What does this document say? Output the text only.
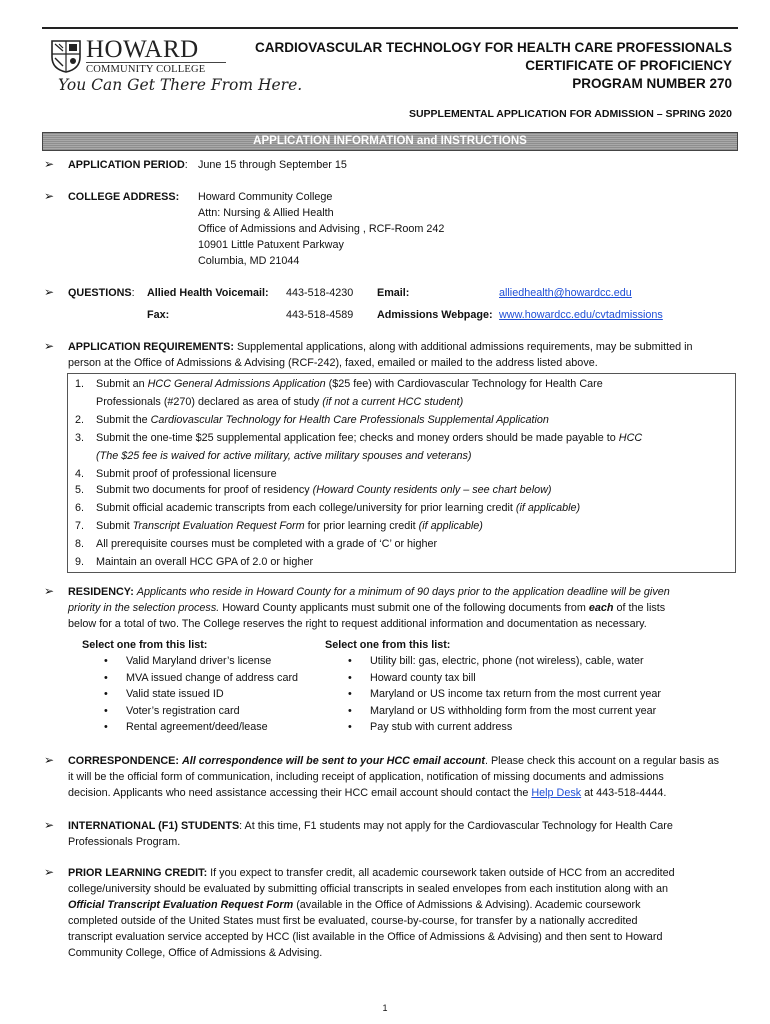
HOWARD
COMMUNITY COLLEGE
You Can Get There From Here.
CARDIOVASCULAR TECHNOLOGY FOR HEALTH CARE PROFESSIONALS
CERTIFICATE OF PROFICIENCY
PROGRAM NUMBER 270
SUPPLEMENTAL APPLICATION FOR ADMISSION – SPRING 2020
APPLICATION INFORMATION and INSTRUCTIONS
➢ APPLICATION PERIOD: June 15 through September 15
➢ COLLEGE ADDRESS: Howard Community College
Attn: Nursing & Allied Health
Office of Admissions and Advising , RCF-Room 242
10901 Little Patuxent Parkway
Columbia, MD 21044
➢ QUESTIONS: Allied Health Voicemail: 443-518-4230 Email:	alliedhealth@howardcc.edu
Fax:	443-518-4589 Admissions Webpage: www.howardcc.edu/cvtadmissions
➢ APPLICATION REQUIREMENTS: Supplemental applications, along with additional admissions requirements, may be submitted in
person at the Office of Admissions & Advising (RCF-242), faxed, emailed or mailed to the address listed above.
1. Submit an HCC General Admissions Application ($25 fee) with Cardiovascular Technology for Health Care
Professionals (#270) declared as area of study (if not a current HCC student)
2. Submit the Cardiovascular Technology for Health Care Professionals Supplemental Application
3. Submit the one-time $25 supplemental application fee; checks and money orders should be made payable to HCC
(The $25 fee is waived for active military, active military spouses and veterans)
4. Submit proof of professional licensure
5. Submit two documents for proof of residency (Howard County residents only – see chart below)
6. Submit official academic transcripts from each college/university for prior learning credit (if applicable)
7. Submit Transcript Evaluation Request Form for prior learning credit (if applicable)
8. All prerequisite courses must be completed with a grade of ‘C’ or higher
9. Maintain an overall HCC GPA of 2.0 or higher
➢ RESIDENCY: Applicants who reside in Howard County for a minimum of 90 days prior to the application deadline will be given
priority in the selection process. Howard County applicants must submit one of the following documents from each of the lists
below for a total of two. The College reserves the right to request additional information and documentation as necessary.
Select one from this list:	Select one from this list:
• Valid Maryland driver’s license
• MVA issued change of address card
• Valid state issued ID
• Voter’s registration card
• Rental agreement/deed/lease
• Utility bill: gas, electric, phone (not wireless), cable, water
• Howard county tax bill
• Maryland or US income tax return from the most current year
• Maryland or US withholding form from the most current year
• Pay stub with current address
➢ CORRESPONDENCE: All correspondence will be sent to your HCC email account. Please check this account on a regular basis as
it will be the official form of communication, including receipt of application, notification of missing documents and admissions
decision. Applicants who need assistance accessing their HCC email account should contact the Help Desk at 443-518-4444.
➢ INTERNATIONAL (F1) STUDENTS: At this time, F1 students may not apply for the Cardiovascular Technology for Health Care
Professionals Program.
➢ PRIOR LEARNING CREDIT: If you expect to transfer credit, all academic coursework taken outside of HCC from an accredited
college/university should be evaluated by submitting official transcripts in sealed envelopes from each institution along with an
Official Transcript Evaluation Request Form (available in the Office of Admissions & Advising). Academic coursework
completed outside of the United States must first be evaluated, course-by-course, for transfer by a nationally accredited
transcript evaluation service accepted by HCC (list available in the Office of Admissions & Advising) and then sent to Howard
Community College, Office of Admissions & Advising.
1
